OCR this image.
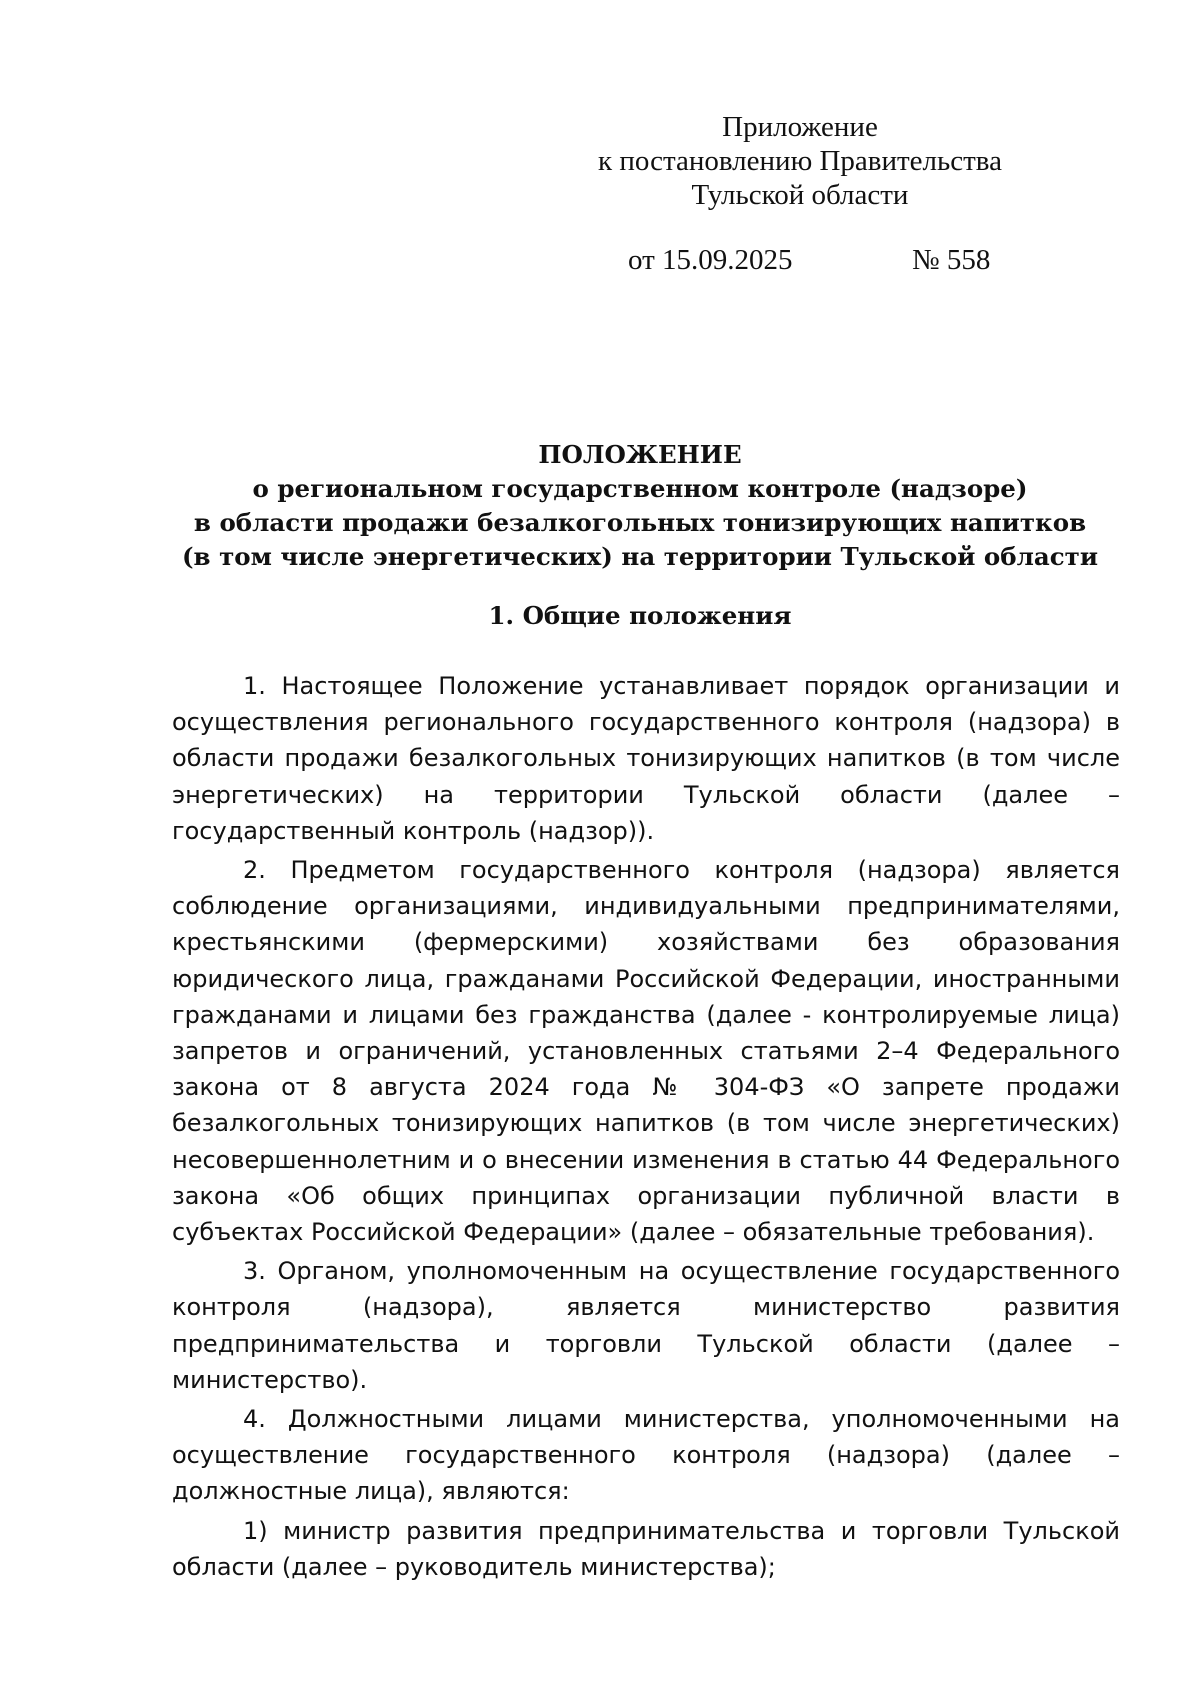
Приложение
к постановлению Правительства
Тульской области
от 15.09.2025	№ 558
ПОЛОЖЕНИЕ
о региональном государственном контроле (надзоре)
в области продажи безалкогольных тонизирующих напитков
(в том числе энергетических) на территории Тульской области
1. Общие положения

1. Настоящее Положение устанавливает порядок организации и осуществления регионального государственного контроля (надзора) в области продажи безалкогольных тонизирующих напитков (в том числе энергетических) на территории Тульской области (далее – государственный контроль (надзор)).

2. Предметом государственного контроля (надзора) является соблюдение организациями, индивидуальными предпринимателями, крестьянскими (фермерскими) хозяйствами без образования юридического лица, гражданами Российской Федерации, иностранными гражданами и лицами без гражданства (далее - контролируемые лица) запретов и ограничений, установленных статьями 2–4 Федерального закона от 8 августа 2024 года № 304-ФЗ «О запрете продажи безалкогольных тонизирующих напитков (в том числе энергетических) несовершеннолетним и о внесении изменения в статью 44 Федерального закона «Об общих принципах организации публичной власти в субъектах Российской Федерации» (далее – обязательные требования).

3. Органом, уполномоченным на осуществление государственного контроля (надзора), является министерство развития предпринимательства и торговли Тульской области (далее – министерство).

4. Должностными лицами министерства, уполномоченными на осуществление государственного контроля (надзора) (далее – должностные лица), являются:

1) министр развития предпринимательства и торговли Тульской области (далее – руководитель министерства);
